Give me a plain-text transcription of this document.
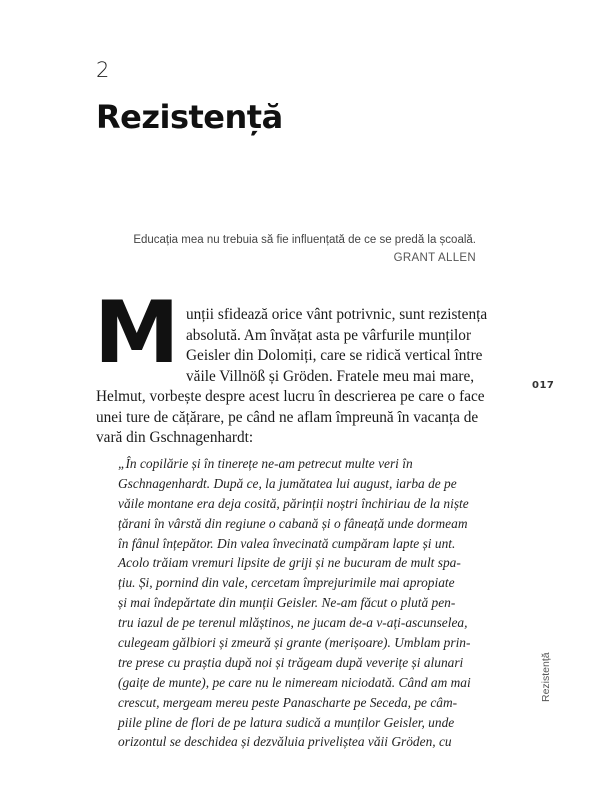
2
Rezistență
Educația mea nu trebuia să fie influențată de ce se predă la școală.
GRANT ALLEN
M unții sfidează orice vânt potrivnic, sunt rezistența
absolută. Am învățat asta pe vârfurile munților
Geisler din Dolomiți, care se ridică vertical între
văile Villnöß și Gröden. Fratele meu mai mare,
Helmut, vorbește despre acest lucru în descrierea pe care o face
unei ture de cățărare, pe când ne aflam împreună în vacanța de
vară din Gschnagenhardt:
017
„În copilărie și în tinerețe ne-am petrecut multe veri în
Gschnagenhardt. După ce, la jumătatea lui august, iarba de pe
văile montane era deja cosită, părinții noștri închiriau de la niște
țărani în vârstă din regiune o cabană și o fâneață unde dormeam
în fânul înțepător. Din valea învecinată cumpăram lapte și unt.
Acolo trăiam vremuri lipsite de griji și ne bucuram de mult spa-
țiu. Și, pornind din vale, cercetam împrejurimile mai apropiate
și mai îndepărtate din munții Geisler. Ne-am făcut o plută pen-
tru iazul de pe terenul mlăștinos, ne jucam de-a v-ați-ascunselea,
culegeam gălbiori și zmeură și grante (merișoare). Umblam prin-
tre prese cu praștia după noi și trăgeam după veverițe și alunari
(gaițe de munte), pe care nu le nimeream niciodată. Când am mai
crescut, mergeam mereu peste Panascharte pe Seceda, pe câm-
piile pline de flori de pe latura sudică a munților Geisler, unde
orizontul se deschidea și dezvăluia priveliștea văii Gröden, cu
Rezistență
